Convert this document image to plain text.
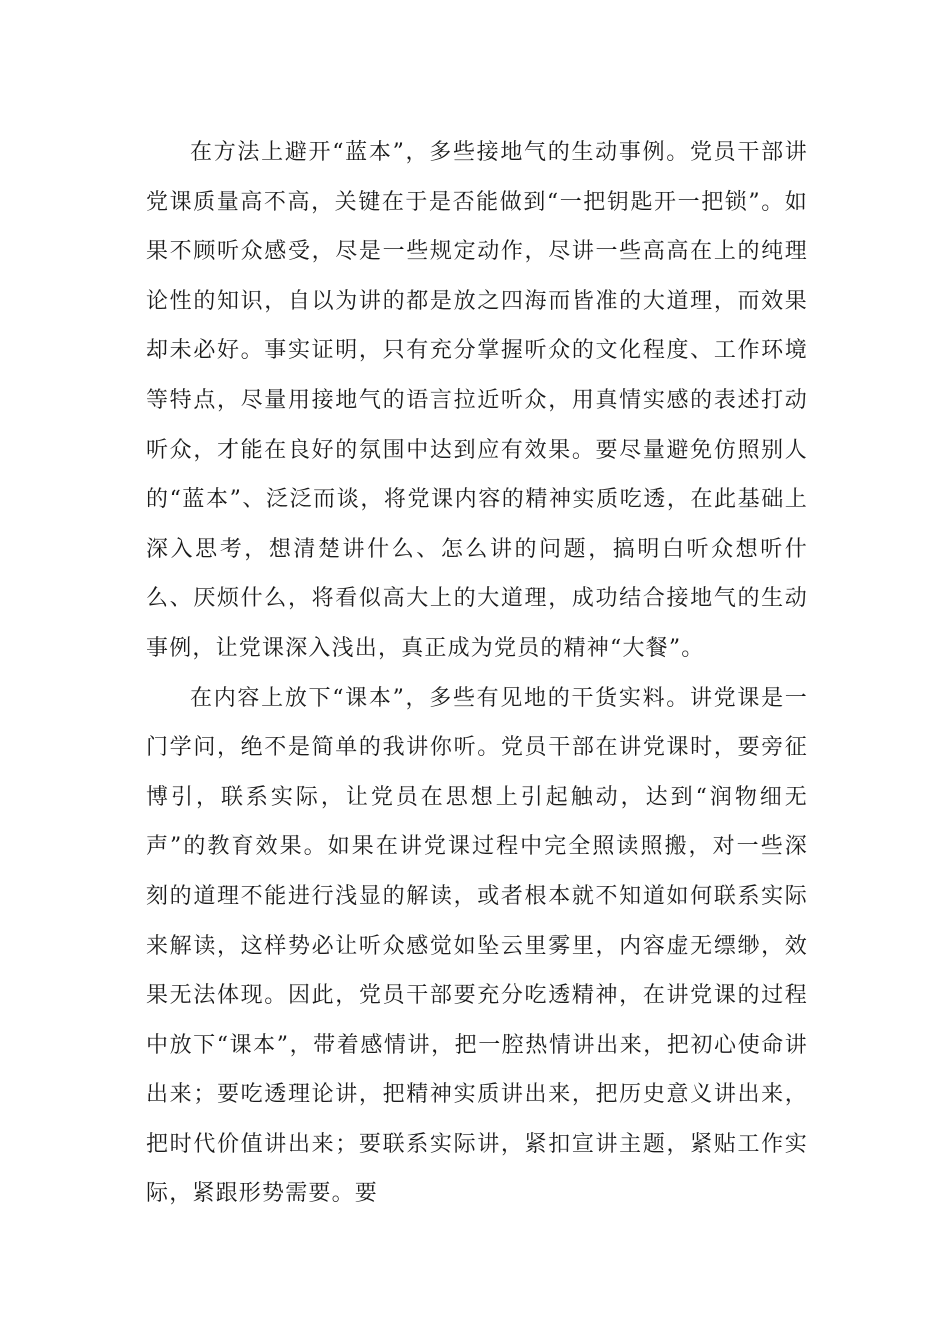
在方法上避开“蓝本”，多些接地气的生动事例。党员干部讲党课质量高不高，关键在于是否能做到“一把钥匙开一把锁”。如果不顾听众感受，尽是一些规定动作，尽讲一些高高在上的纯理论性的知识，自以为讲的都是放之四海而皆准的大道理，而效果却未必好。事实证明，只有充分掌握听众的文化程度、工作环境等特点，尽量用接地气的语言拉近听众，用真情实感的表述打动听众，才能在良好的氛围中达到应有效果。要尽量避免仿照别人的“蓝本”、泛泛而谈，将党课内容的精神实质吃透，在此基础上深入思考，想清楚讲什么、怎么讲的问题，搞明白听众想听什么、厌烦什么，将看似高大上的大道理，成功结合接地气的生动事例，让党课深入浅出，真正成为党员的精神“大餐”。

在内容上放下“课本”，多些有见地的干货实料。讲党课是一门学问，绝不是简单的我讲你听。党员干部在讲党课时，要旁征博引，联系实际，让党员在思想上引起触动，达到“润物细无声”的教育效果。如果在讲党课过程中完全照读照搬，对一些深刻的道理不能进行浅显的解读，或者根本就不知道如何联系实际来解读，这样势必让听众感觉如坠云里雾里，内容虚无缥缈，效果无法体现。因此，党员干部要充分吃透精神，在讲党课的过程中放下“课本”，带着感情讲，把一腔热情讲出来，把初心使命讲出来；要吃透理论讲，把精神实质讲出来，把历史意义讲出来，把时代价值讲出来；要联系实际讲，紧扣宣讲主题，紧贴工作实际，紧跟形势需要。要
